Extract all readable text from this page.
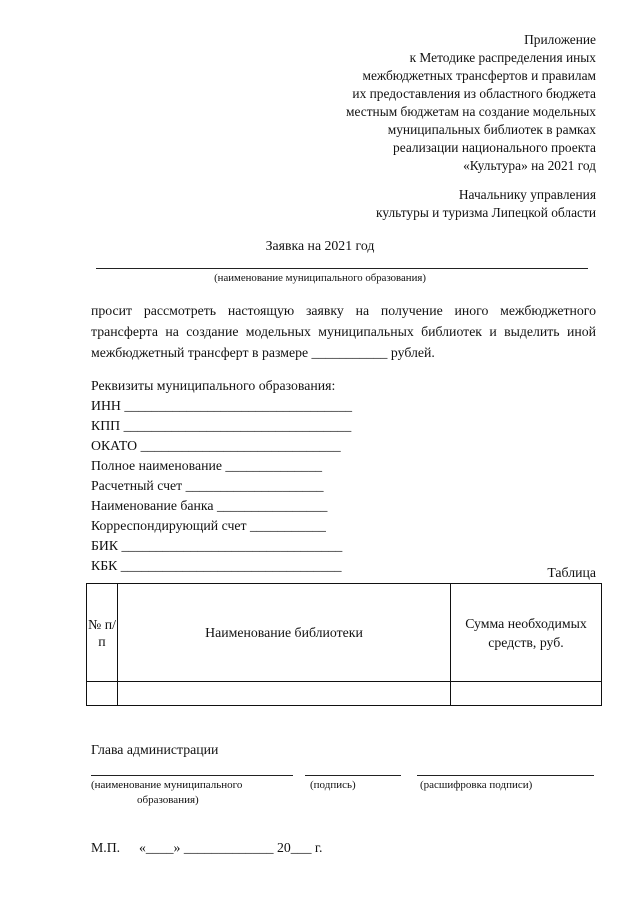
Приложение
к Методике распределения иных
межбюджетных трансфертов и правилам
их предоставления из областного бюджета
местным бюджетам на создание модельных
муниципальных библиотек в рамках
реализации национального проекта
«Культура» на 2021 год
Начальнику управления
культуры и туризма Липецкой области
Заявка на 2021 год
(наименование муниципального образования)
просит рассмотреть настоящую заявку на получение иного межбюджетного трансферта на создание модельных муниципальных библиотек и выделить иной межбюджетный трансферт в размере ___________ рублей.
Реквизиты муниципального образования:
ИНН _________________________________
КПП _________________________________
ОКАТО _____________________________
Полное наименование ______________
Расчетный счет ____________________
Наименование банка ________________
Корреспондирующий счет ___________
БИК ________________________________
КБК ________________________________	Таблица
№ п/п	Наименование библиотеки	Сумма необходимых средств, руб.

Глава администрации
(наименование муниципального
образования)
(подпись)	(расшифровка подписи)
М.П. «____» _____________ 20___ г.
